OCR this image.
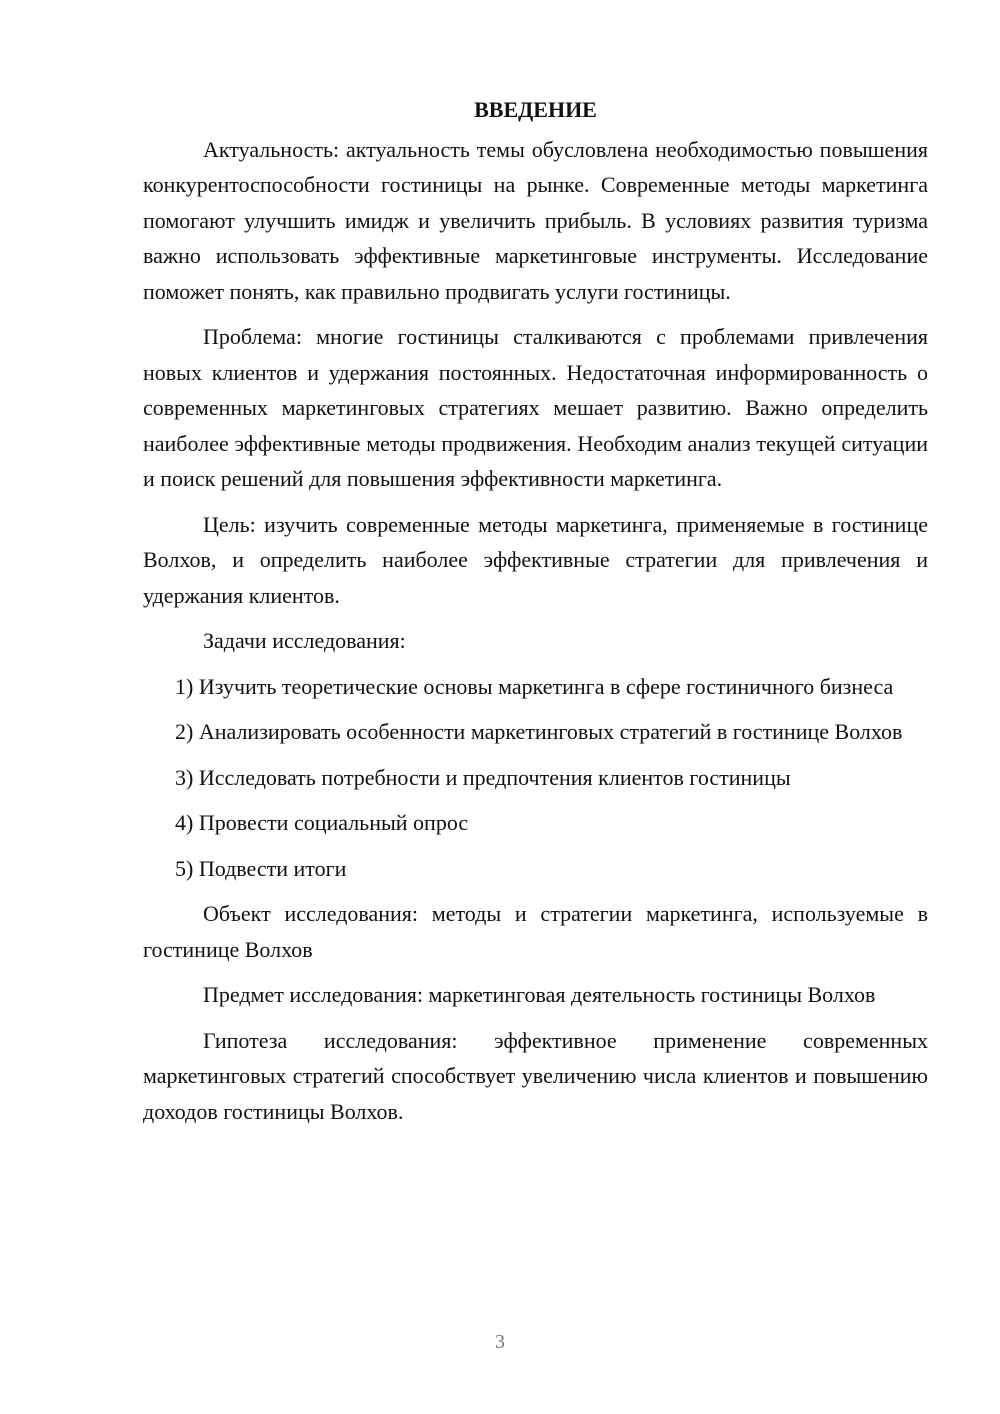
ВВЕДЕНИЕ

Актуальность: актуальность темы обусловлена необходимостью повышения конкурентоспособности гостиницы на рынке. Современные методы маркетинга помогают улучшить имидж и увеличить прибыль. В условиях развития туризма важно использовать эффективные маркетинговые инструменты. Исследование поможет понять, как правильно продвигать услуги гостиницы.

Проблема: многие гостиницы сталкиваются с проблемами привлечения новых клиентов и удержания постоянных. Недостаточная информированность о современных маркетинговых стратегиях мешает развитию. Важно определить наиболее эффективные методы продвижения. Необходим анализ текущей ситуации и поиск решений для повышения эффективности маркетинга.

Цель: изучить современные методы маркетинга, применяемые в гостинице Волхов, и определить наиболее эффективные стратегии для привлечения и удержания клиентов.

Задачи исследования:

1) Изучить теоретические основы маркетинга в сфере гостиничного бизнеса

2) Анализировать особенности маркетинговых стратегий в гостинице Волхов

3) Исследовать потребности и предпочтения клиентов гостиницы

4) Провести социальный опрос

5) Подвести итоги

Объект исследования: методы и стратегии маркетинга, используемые в гостинице Волхов

Предмет исследования: маркетинговая деятельность гостиницы Волхов

Гипотеза исследования: эффективное применение современных маркетинговых стратегий способствует увеличению числа клиентов и повышению доходов гостиницы Волхов.

3
